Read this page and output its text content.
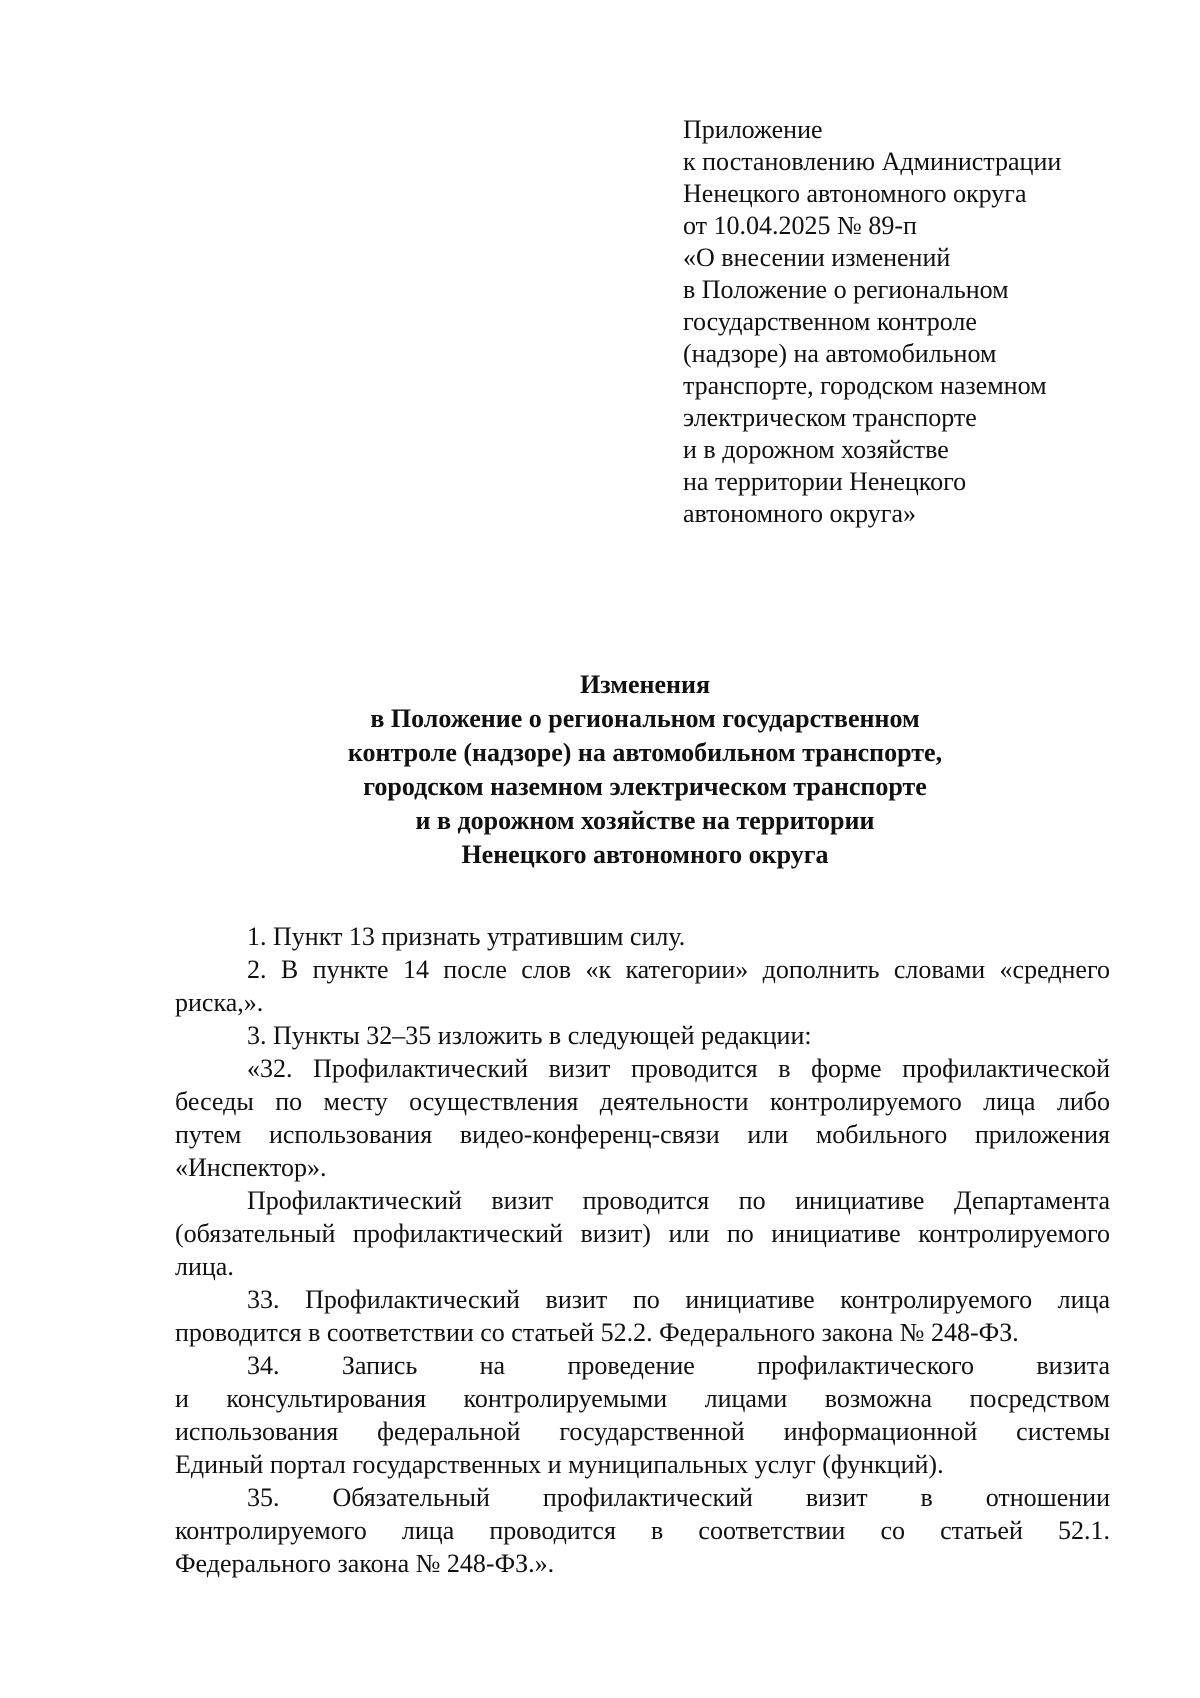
Приложение
к постановлению Администрации
Ненецкого автономного округа
от 10.04.2025 № 89-п
«О внесении изменений
в Положение о региональном
государственном контроле
(надзоре) на автомобильном
транспорте, городском наземном
электрическом транспорте
и в дорожном хозяйстве
на территории Ненецкого
автономного округа»
Изменения
в Положение о региональном государственном
контроле (надзоре) на автомобильном транспорте,
городском наземном электрическом транспорте
и в дорожном хозяйстве на территории
Ненецкого автономного округа
1. Пункт 13 признать утратившим силу.
2. В пункте 14 после слов «к категории» дополнить словами «среднего
риска,».
3. Пункты 32–35 изложить в следующей редакции:
«32. Профилактический визит проводится в форме профилактической
беседы по месту осуществления деятельности контролируемого лица либо
путем использования видео-конференц-связи или мобильного приложения
«Инспектор».
Профилактический визит проводится по инициативе Департамента
(обязательный профилактический визит) или по инициативе контролируемого
лица.
33. Профилактический визит по инициативе контролируемого лица
проводится в соответствии со статьей 52.2. Федерального закона № 248-ФЗ.
34. Запись на проведение профилактического визита
и консультирования контролируемыми лицами возможна посредством
использования федеральной государственной информационной системы
Единый портал государственных и муниципальных услуг (функций).
35. Обязательный профилактический визит в отношении
контролируемого лица проводится в соответствии со статьей 52.1.
Федерального закона № 248-ФЗ.».
